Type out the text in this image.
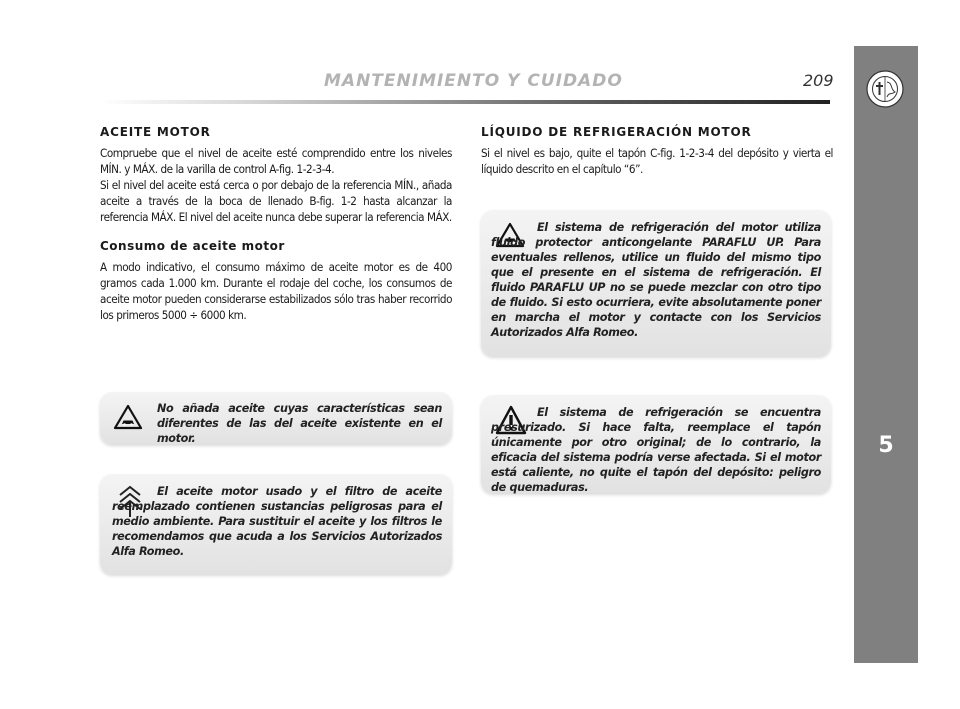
MANTENIMIENTO Y CUIDADO	209
5
ACEITE MOTOR

Compruebe que el nivel de aceite esté comprendido entre los niveles MÍN. y MÁX. de la varilla de control A-fig. 1-2-3-4.

Si el nivel del aceite está cerca o por debajo de la referencia MÍN., añada aceite a través de la boca de llenado B-fig. 1-2 hasta alcanzar la referencia MÁX. El nivel del aceite nunca debe superar la referencia MÁX.

Consumo de aceite motor

A modo indicativo, el consumo máximo de aceite motor es de 400 gramos cada 1.000 km. Durante el rodaje del coche, los consumos de aceite motor pueden considerarse estabilizados sólo tras haber recorrido los primeros 5000 ÷ 6000 km.

No añada aceite cuyas características sean diferentes de las del aceite existente en el motor.
El aceite motor usado y el filtro de aceite reemplazado contienen sustancias peligrosas para el medio ambiente. Para sustituir el aceite y los filtros le recomendamos que acuda a los Servicios Autorizados Alfa Romeo.
LÍQUIDO DE REFRIGERACIÓN MOTOR

Si el nivel es bajo, quite el tapón C-fig. 1-2-3-4 del depósito y vierta el líquido descrito en el capítulo “6”.

El sistema de refrigeración del motor utiliza fluido protector anticongelante PARAFLU UP. Para eventuales rellenos, utilice un fluido del mismo tipo que el presente en el sistema de refrigeración. El fluido PARAFLU UP no se puede mezclar con otro tipo de fluido. Si esto ocurriera, evite absolutamente poner en marcha el motor y contacte con los Servicios Autorizados Alfa Romeo.
El sistema de refrigeración se encuentra presurizado. Si hace falta, reemplace el tapón únicamente por otro original; de lo contrario, la eficacia del sistema podría verse afectada. Si el motor está caliente, no quite el tapón del depósito: peligro de quemaduras.
